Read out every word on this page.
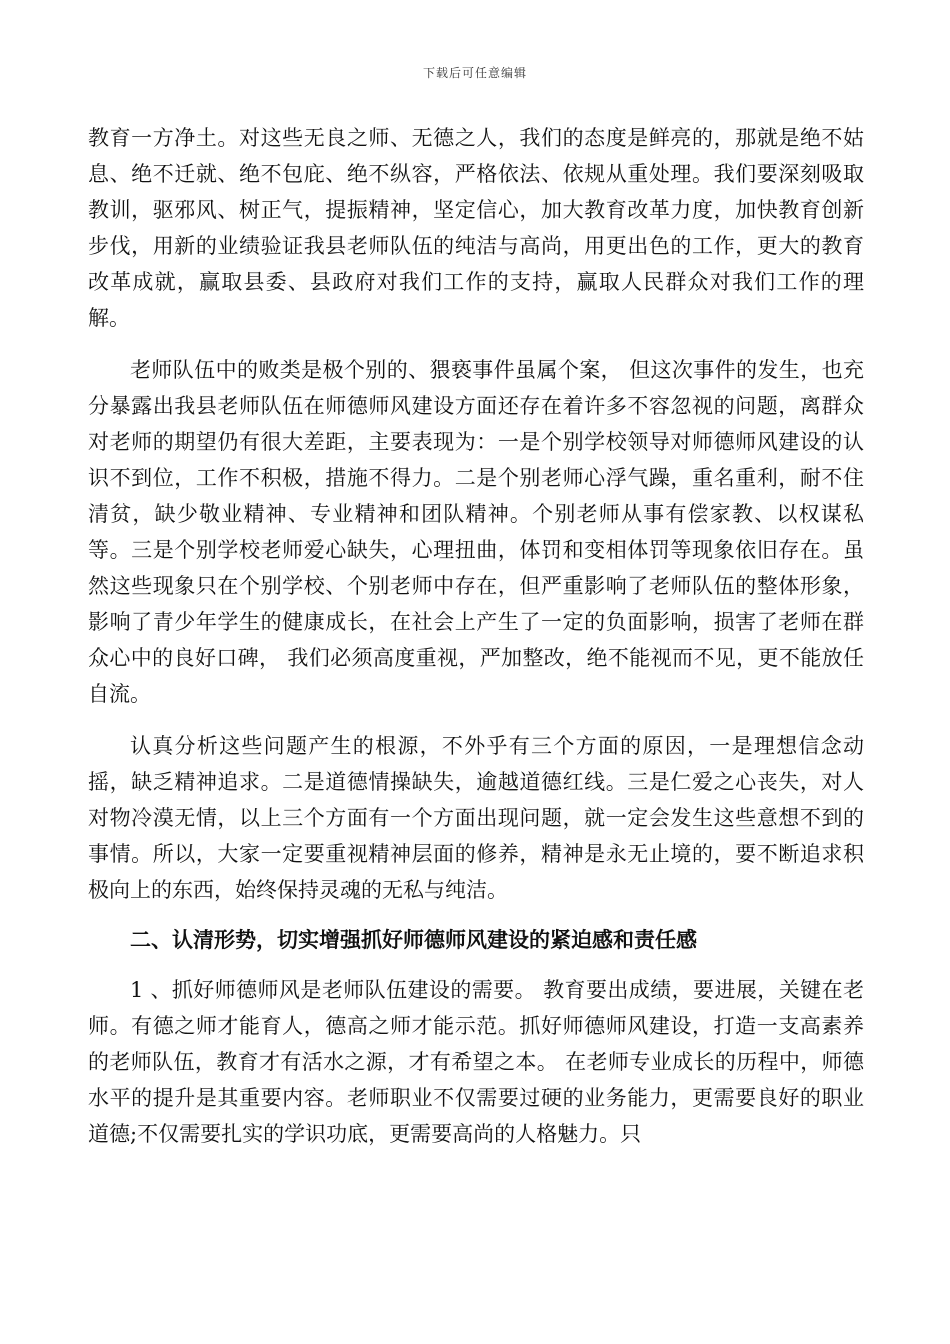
下载后可任意编辑

教育一方净土。对这些无良之师、无德之人，我们的态度是鲜亮的，那就是绝不姑息、绝不迁就、绝不包庇、绝不纵容，严格依法、依规从重处理。我们要深刻吸取教训，驱邪风、树正气，提振精神，坚定信心，加大教育改革力度，加快教育创新步伐，用新的业绩验证我县老师队伍的纯洁与高尚，用更出色的工作，更大的教育改革成就，赢取县委、县政府对我们工作的支持，赢取人民群众对我们工作的理解。

老师队伍中的败类是极个别的、猥亵事件虽属个案， 但这次事件的发生，也充分暴露出我县老师队伍在师德师风建设方面还存在着许多不容忽视的问题，离群众对老师的期望仍有很大差距，主要表现为：一是个别学校领导对师德师风建设的认识不到位，工作不积极，措施不得力。二是个别老师心浮气躁，重名重利，耐不住清贫，缺少敬业精神、专业精神和团队精神。个别老师从事有偿家教、以权谋私等。三是个别学校老师爱心缺失，心理扭曲，体罚和变相体罚等现象依旧存在。虽然这些现象只在个别学校、个别老师中存在，但严重影响了老师队伍的整体形象，影响了青少年学生的健康成长，在社会上产生了一定的负面影响，损害了老师在群众心中的良好口碑， 我们必须高度重视，严加整改，绝不能视而不见，更不能放任自流。

认真分析这些问题产生的根源，不外乎有三个方面的原因，一是理想信念动摇，缺乏精神追求。二是道德情操缺失，逾越道德红线。三是仁爱之心丧失，对人对物冷漠无情，以上三个方面有一个方面出现问题，就一定会发生这些意想不到的事情。所以，大家一定要重视精神层面的修养，精神是永无止境的，要不断追求积极向上的东西，始终保持灵魂的无私与纯洁。

二、认清形势，切实增强抓好师德师风建设的紧迫感和责任感

1 、抓好师德师风是老师队伍建设的需要。 教育要出成绩，要进展，关键在老师。有德之师才能育人，德高之师才能示范。抓好师德师风建设，打造一支高素养的老师队伍，教育才有活水之源，才有希望之本。 在老师专业成长的历程中，师德水平的提升是其重要内容。老师职业不仅需要过硬的业务能力，更需要良好的职业道德;不仅需要扎实的学识功底，更需要高尚的人格魅力。只
